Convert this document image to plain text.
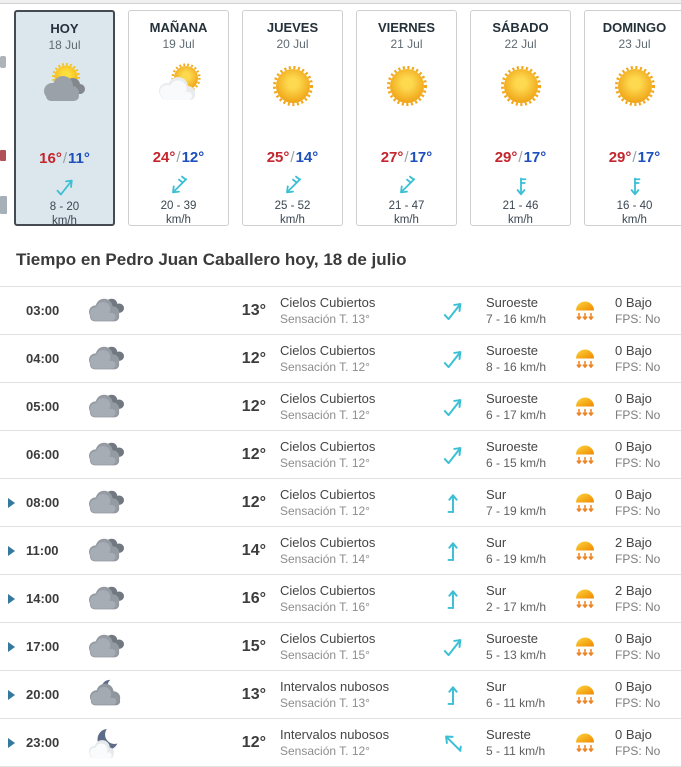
HOY
18 Jul
16°/11°
8 - 20
km/h
MAÑANA
19 Jul
24°/12°
20 - 39
km/h
JUEVES
20 Jul
25°/14°
25 - 52
km/h
VIERNES
21 Jul
27°/17°
21 - 47
km/h
SÁBADO
22 Jul
29°/17°
21 - 46
km/h
DOMINGO
23 Jul
29°/17°
16 - 40
km/h
Tiempo en Pedro Juan Caballero hoy, 18 de julio
03:00	13° Cielos Cubiertos
Sensación T. 13°
Suroeste
7 - 16 km/h
0 Bajo
FPS: No
04:00	12° Cielos Cubiertos
Sensación T. 12°
Suroeste
8 - 16 km/h
0 Bajo
FPS: No
05:00	12° Cielos Cubiertos
Sensación T. 12°
Suroeste
6 - 17 km/h
0 Bajo
FPS: No
06:00	12° Cielos Cubiertos
Sensación T. 12°
Suroeste
6 - 15 km/h
0 Bajo
FPS: No
08:00	12° Cielos Cubiertos
Sensación T. 12°
Sur
7 - 19 km/h
0 Bajo
FPS: No
11:00	14° Cielos Cubiertos
Sensación T. 14°
Sur
6 - 19 km/h
2 Bajo
FPS: No
14:00	16° Cielos Cubiertos
Sensación T. 16°
Sur
2 - 17 km/h
2 Bajo
FPS: No
17:00	15° Cielos Cubiertos
Sensación T. 15°
Suroeste
5 - 13 km/h
0 Bajo
FPS: No
20:00	13° Intervalos nubosos
Sensación T. 13°
Sur
6 - 11 km/h
0 Bajo
FPS: No
23:00	12° Intervalos nubosos
Sensación T. 12°
Sureste
5 - 11 km/h
0 Bajo
FPS: No
